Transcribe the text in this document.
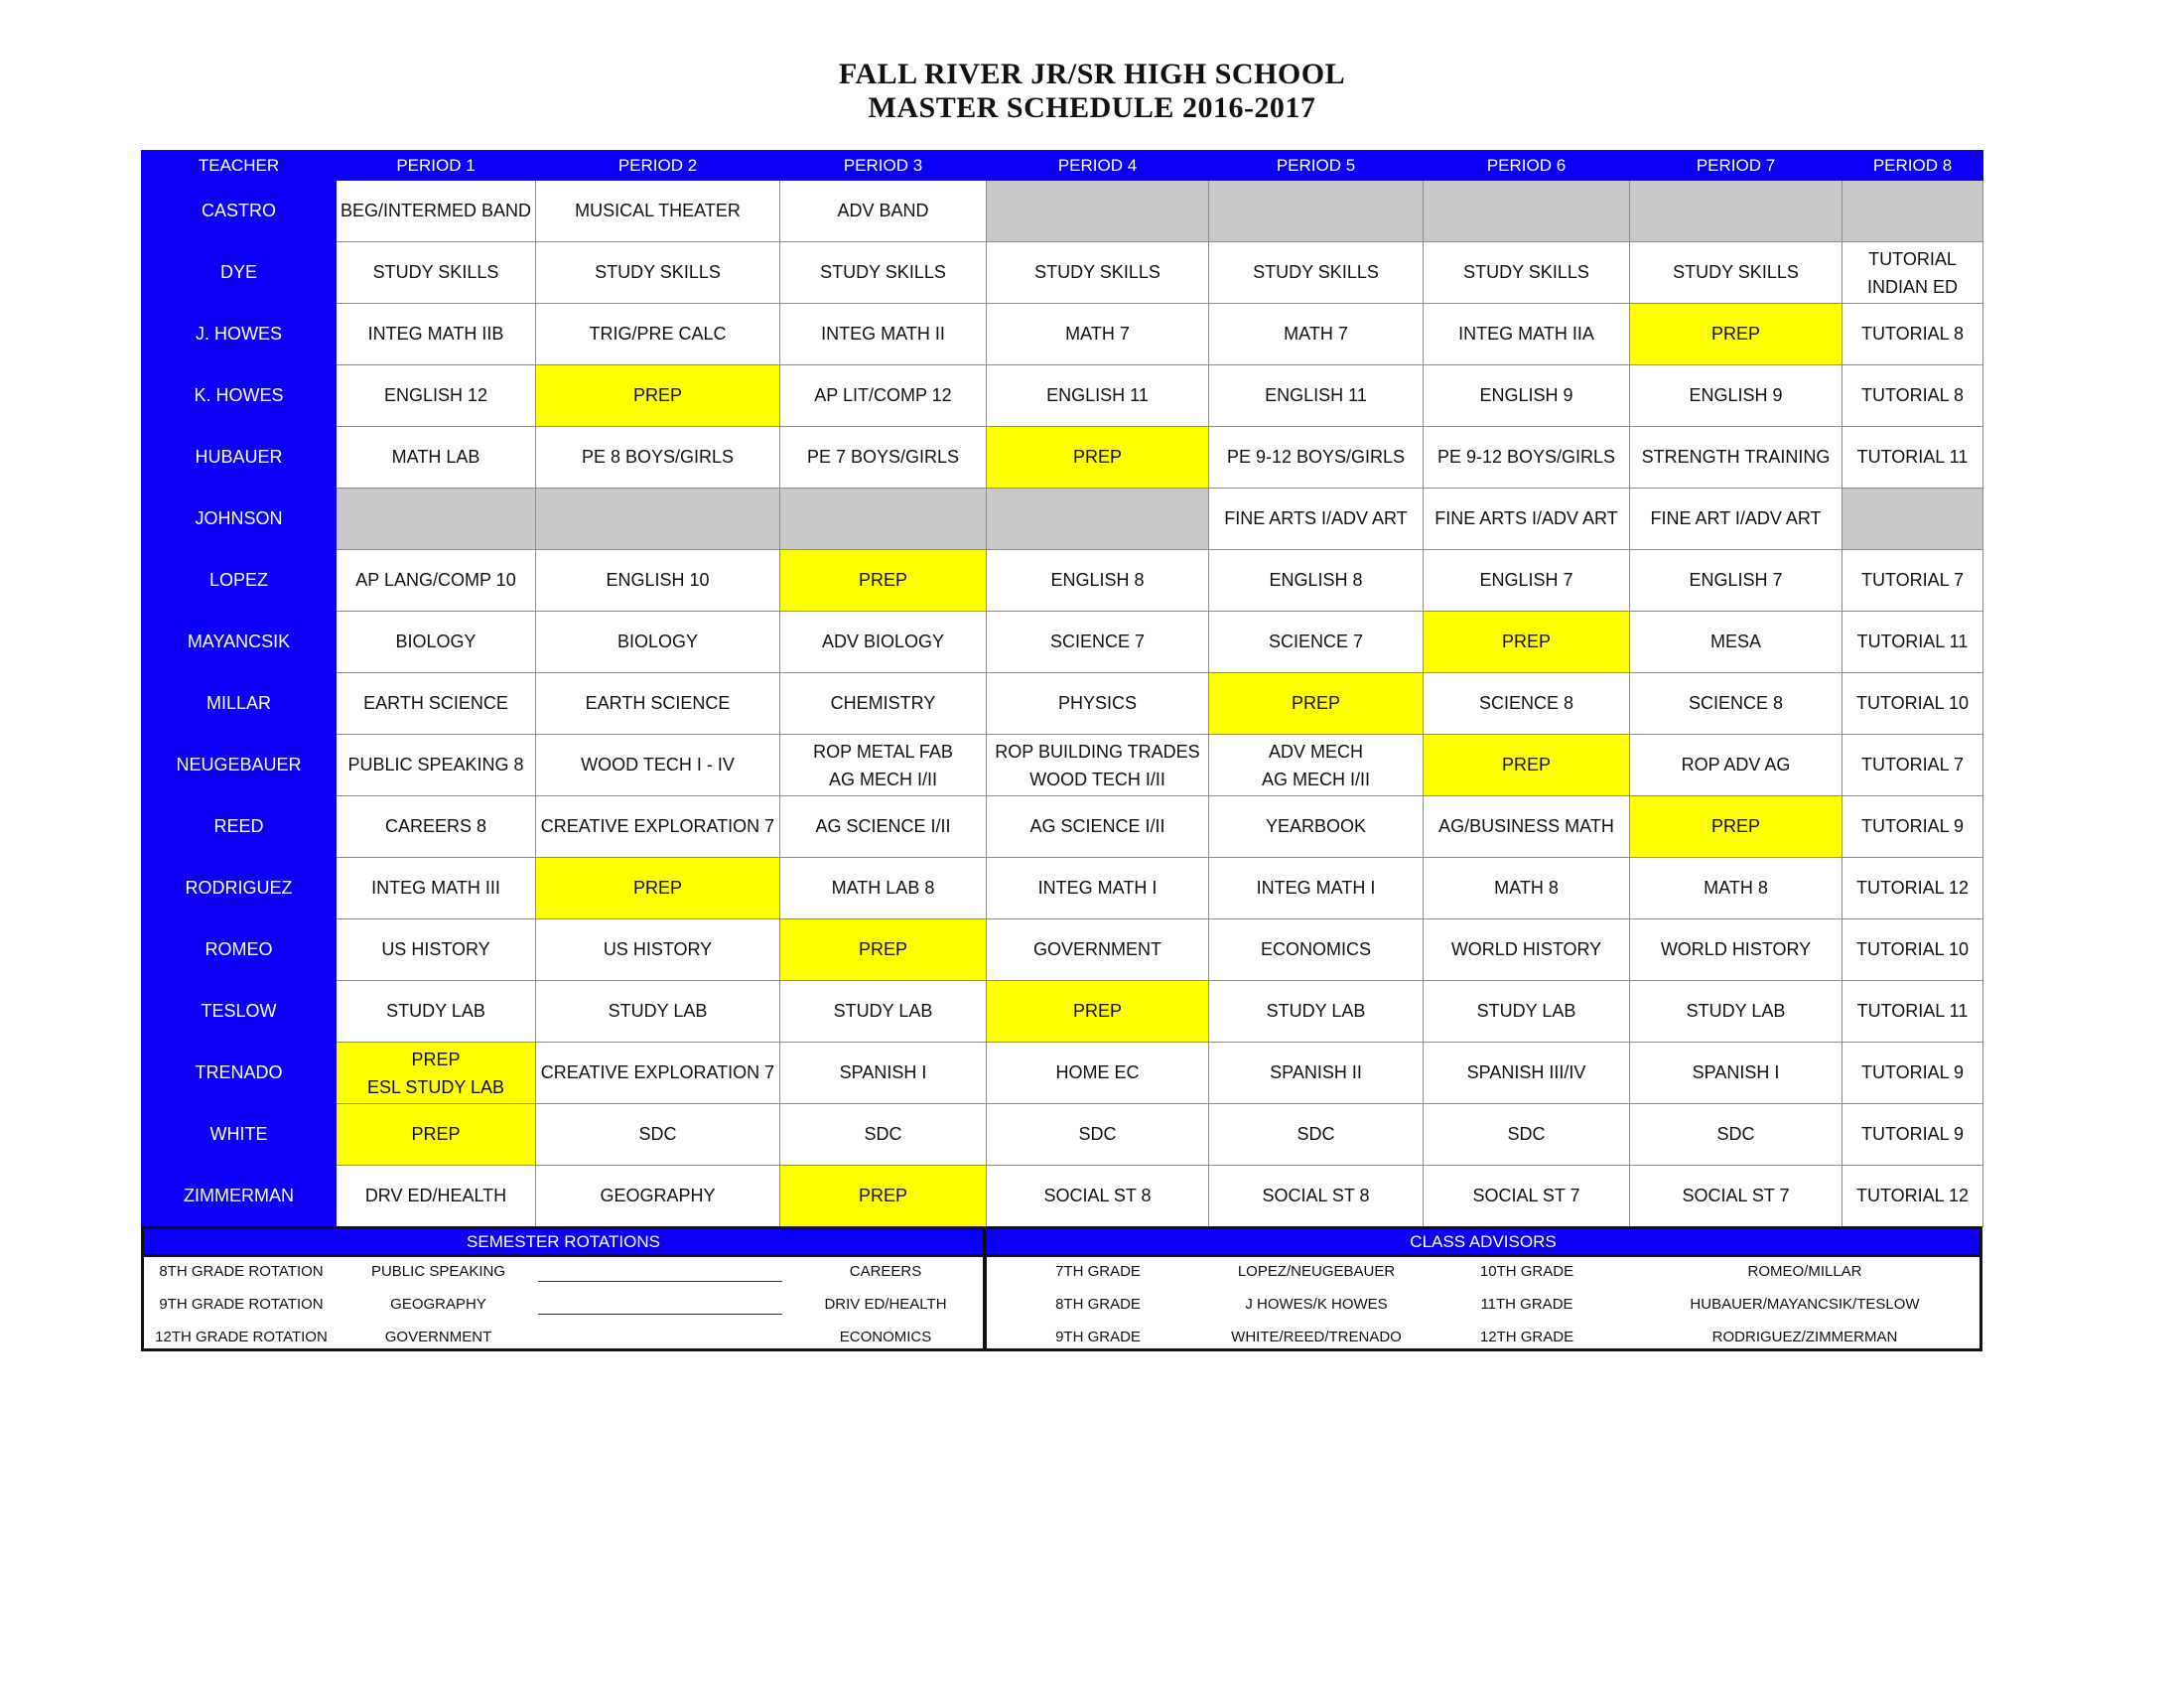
FALL RIVER JR/SR HIGH SCHOOL
MASTER SCHEDULE 2016-2017
TEACHER	PERIOD 1	PERIOD 2	PERIOD 3	PERIOD 4	PERIOD 5	PERIOD 6	PERIOD 7	PERIOD 8
CASTRO	BEG/INTERMED BAND	MUSICAL THEATER	ADV BAND					
DYE	STUDY SKILLS	STUDY SKILLS	STUDY SKILLS	STUDY SKILLS	STUDY SKILLS	STUDY SKILLS	STUDY SKILLS	TUTORIAL
INDIAN ED

J. HOWES	INTEG MATH IIB	TRIG/PRE CALC	INTEG MATH II	MATH 7	MATH 7	INTEG MATH IIA	PREP	TUTORIAL 8
K. HOWES	ENGLISH 12	PREP	AP LIT/COMP 12	ENGLISH 11	ENGLISH 11	ENGLISH 9	ENGLISH 9	TUTORIAL 8
HUBAUER	MATH LAB	PE 8 BOYS/GIRLS	PE 7 BOYS/GIRLS	PREP	PE 9-12 BOYS/GIRLS	PE 9-12 BOYS/GIRLS	STRENGTH TRAINING	TUTORIAL 11
JOHNSON					FINE ARTS I/ADV ART	FINE ARTS I/ADV ART	FINE ART I/ADV ART	
LOPEZ	AP LANG/COMP 10	ENGLISH 10	PREP	ENGLISH 8	ENGLISH 8	ENGLISH 7	ENGLISH 7	TUTORIAL 7
MAYANCSIK	BIOLOGY	BIOLOGY	ADV BIOLOGY	SCIENCE 7	SCIENCE 7	PREP	MESA	TUTORIAL 11
MILLAR	EARTH SCIENCE	EARTH SCIENCE	CHEMISTRY	PHYSICS	PREP	SCIENCE 8	SCIENCE 8	TUTORIAL 10
NEUGEBAUER	PUBLIC SPEAKING 8	WOOD TECH I - IV	ROP METAL FAB
AG MECH I/II	ROP BUILDING TRADES
WOOD TECH I/II	ADV MECH
AG MECH I/II	PREP	ROP ADV AG	TUTORIAL 7
REED	CAREERS 8	CREATIVE EXPLORATION 7	AG SCIENCE I/II	AG SCIENCE I/II	YEARBOOK	AG/BUSINESS MATH	PREP	TUTORIAL 9
RODRIGUEZ	INTEG MATH III	PREP	MATH LAB 8	INTEG MATH I	INTEG MATH I	MATH 8	MATH 8	TUTORIAL 12
ROMEO	US HISTORY	US HISTORY	PREP	GOVERNMENT	ECONOMICS	WORLD HISTORY	WORLD HISTORY	TUTORIAL 10
TESLOW	STUDY LAB	STUDY LAB	STUDY LAB	PREP	STUDY LAB	STUDY LAB	STUDY LAB	TUTORIAL 11
TRENADO	PREP
ESL STUDY LAB	CREATIVE EXPLORATION 7	SPANISH I	HOME EC	SPANISH II	SPANISH III/IV	SPANISH I	TUTORIAL 9
WHITE	PREP	SDC	SDC	SDC	SDC	SDC	SDC	TUTORIAL 9
ZIMMERMAN	DRV ED/HEALTH	GEOGRAPHY	PREP	SOCIAL ST 8	SOCIAL ST 8	SOCIAL ST 7	SOCIAL ST 7	TUTORIAL 12
SEMESTER ROTATIONS
8TH GRADE ROTATION	PUBLIC SPEAKING	CAREERS
9TH GRADE ROTATION	GEOGRAPHY	DRIV ED/HEALTH
12TH GRADE ROTATION	GOVERNMENT	ECONOMICS
CLASS ADVISORS
7TH GRADE	LOPEZ/NEUGEBAUER	10TH GRADE	ROMEO/MILLAR
8TH GRADE	J HOWES/K HOWES	11TH GRADE	HUBAUER/MAYANCSIK/TESLOW
9TH GRADE	WHITE/REED/TRENADO	12TH GRADE	RODRIGUEZ/ZIMMERMAN
